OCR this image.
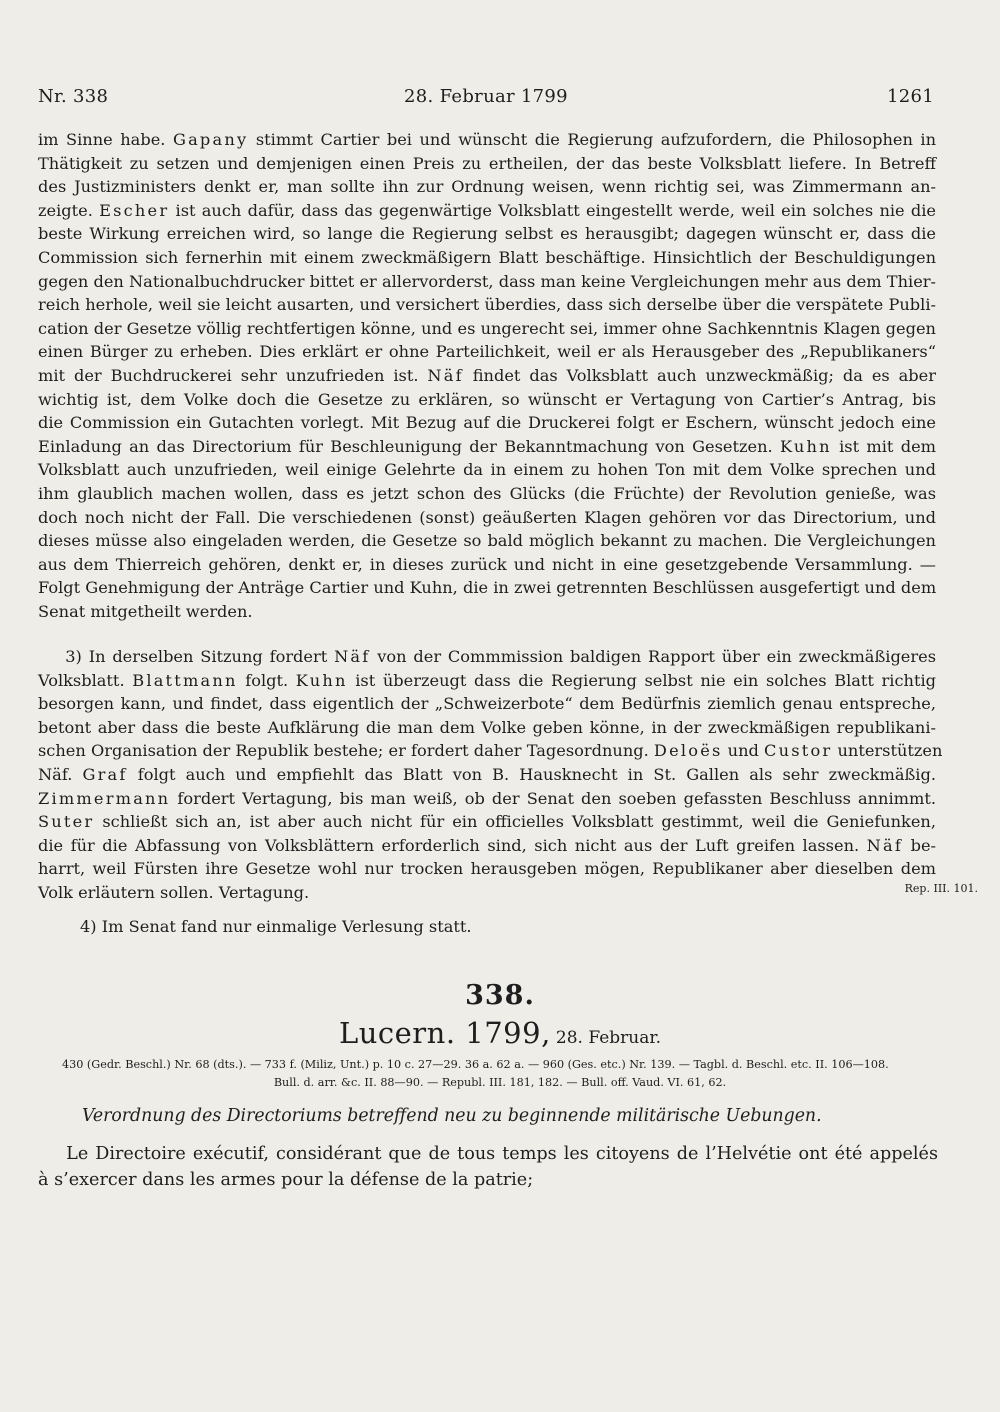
Nr. 338	28. Februar 1799	1261
im Sinne habe. Gapany stimmt Cartier bei und wünscht die Regierung aufzufordern, die Philosophen in
Thätigkeit zu setzen und demjenigen einen Preis zu ertheilen, der das beste Volksblatt liefere. In Betreff
des Justizministers denkt er, man sollte ihn zur Ordnung weisen, wenn richtig sei, was Zimmermann an-
zeigte. Escher ist auch dafür, dass das gegenwärtige Volksblatt eingestellt werde, weil ein solches nie die
beste Wirkung erreichen wird, so lange die Regierung selbst es herausgibt; dagegen wünscht er, dass die
Commission sich fernerhin mit einem zweckmäßigern Blatt beschäftige. Hinsichtlich der Beschuldigungen
gegen den Nationalbuchdrucker bittet er allervorderst, dass man keine Vergleichungen mehr aus dem Thier-
reich herhole, weil sie leicht ausarten, und versichert überdies, dass sich derselbe über die verspätete Publi-
cation der Gesetze völlig rechtfertigen könne, und es ungerecht sei, immer ohne Sachkenntnis Klagen gegen
einen Bürger zu erheben. Dies erklärt er ohne Parteilichkeit, weil er als Herausgeber des „Republikaners“
mit der Buchdruckerei sehr unzufrieden ist. Näf findet das Volksblatt auch unzweckmäßig; da es aber
wichtig ist, dem Volke doch die Gesetze zu erklären, so wünscht er Vertagung von Cartier’s Antrag, bis
die Commission ein Gutachten vorlegt. Mit Bezug auf die Druckerei folgt er Eschern, wünscht jedoch eine
Einladung an das Directorium für Beschleunigung der Bekanntmachung von Gesetzen. Kuhn ist mit dem
Volksblatt auch unzufrieden, weil einige Gelehrte da in einem zu hohen Ton mit dem Volke sprechen und
ihm glaublich machen wollen, dass es jetzt schon des Glücks (die Früchte) der Revolution genieße, was
doch noch nicht der Fall. Die verschiedenen (sonst) geäußerten Klagen gehören vor das Directorium, und
dieses müsse also eingeladen werden, die Gesetze so bald möglich bekannt zu machen. Die Vergleichungen
aus dem Thierreich gehören, denkt er, in dieses zurück und nicht in eine gesetzgebende Versammlung. —
Folgt Genehmigung der Anträge Cartier und Kuhn, die in zwei getrennten Beschlüssen ausgefertigt und dem
Senat mitgetheilt werden.
3) In derselben Sitzung fordert Näf von der Commmission baldigen Rapport über ein zweckmäßigeres
Volksblatt. Blattmann folgt. Kuhn ist überzeugt dass die Regierung selbst nie ein solches Blatt richtig
besorgen kann, und findet, dass eigentlich der „Schweizerbote“ dem Bedürfnis ziemlich genau entspreche,
betont aber dass die beste Aufklärung die man dem Volke geben könne, in der zweckmäßigen republikani-
schen Organisation der Republik bestehe; er fordert daher Tagesordnung. Deloës und Custor unterstützen
Näf. Graf folgt auch und empfiehlt das Blatt von B. Hausknecht in St. Gallen als sehr zweckmäßig.
Zimmermann fordert Vertagung, bis man weiß, ob der Senat den soeben gefassten Beschluss annimmt.
Suter schließt sich an, ist aber auch nicht für ein officielles Volksblatt gestimmt, weil die Geniefunken,
die für die Abfassung von Volksblättern erforderlich sind, sich nicht aus der Luft greifen lassen. Näf be-
harrt, weil Fürsten ihre Gesetze wohl nur trocken herausgeben mögen, Republikaner aber dieselben dem
Volk erläutern sollen. Vertagung.	Rep. III. 101.
4) Im Senat fand nur einmalige Verlesung statt.
338.
Lucern. 1799, 28. Februar.
430 (Gedr. Beschl.) Nr. 68 (dts.). — 733 f. (Miliz, Unt.) p. 10 c. 27—29. 36 a. 62 a. — 960 (Ges. etc.) Nr. 139. — Tagbl. d. Beschl. etc. II. 106—108.
Bull. d. arr. &c. II. 88—90. — Republ. III. 181, 182. — Bull. off. Vaud. VI. 61, 62.
Verordnung des Directoriums betreffend neu zu beginnende militärische Uebungen.
Le Directoire exécutif, considérant que de tous temps les citoyens de l’Helvétie ont été appelés
à s’exercer dans les armes pour la défense de la patrie;
